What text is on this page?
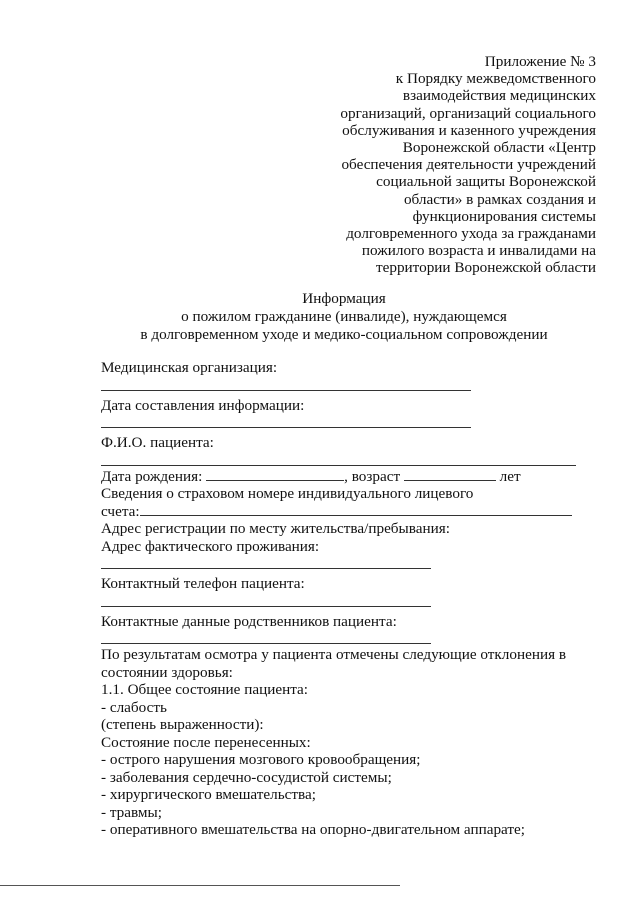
Приложение № 3
к Порядку межведомственного
взаимодействия медицинских
организаций, организаций социального
обслуживания и казенного учреждения
Воронежской области «Центр
обеспечения деятельности учреждений
социальной защиты Воронежской
области» в рамках создания и
функционирования системы
долговременного ухода за гражданами
пожилого возраста и инвалидами на
территории Воронежской области
Информация
о пожилом гражданине (инвалиде), нуждающемся
в долговременном уходе и медико-социальном сопровождении
Медицинская организация:
Дата составления информации:
Ф.И.О. пациента:
Дата рождения:	, возраст	лет
Сведения о страховом номере индивидуального лицевого
счета:
Адрес регистрации по месту жительства/пребывания:
Адрес фактического проживания:
Контактный телефон пациента:
Контактные данные родственников пациента:
По результатам осмотра у пациента отмечены следующие отклонения в
состоянии здоровья:
1.1. Общее состояние пациента:
- слабость
(степень выраженности):
Состояние после перенесенных:
- острого нарушения мозгового кровообращения;
- заболевания сердечно-сосудистой системы;
- хирургического вмешательства;
- травмы;
- оперативного вмешательства на опорно-двигательном аппарате;
